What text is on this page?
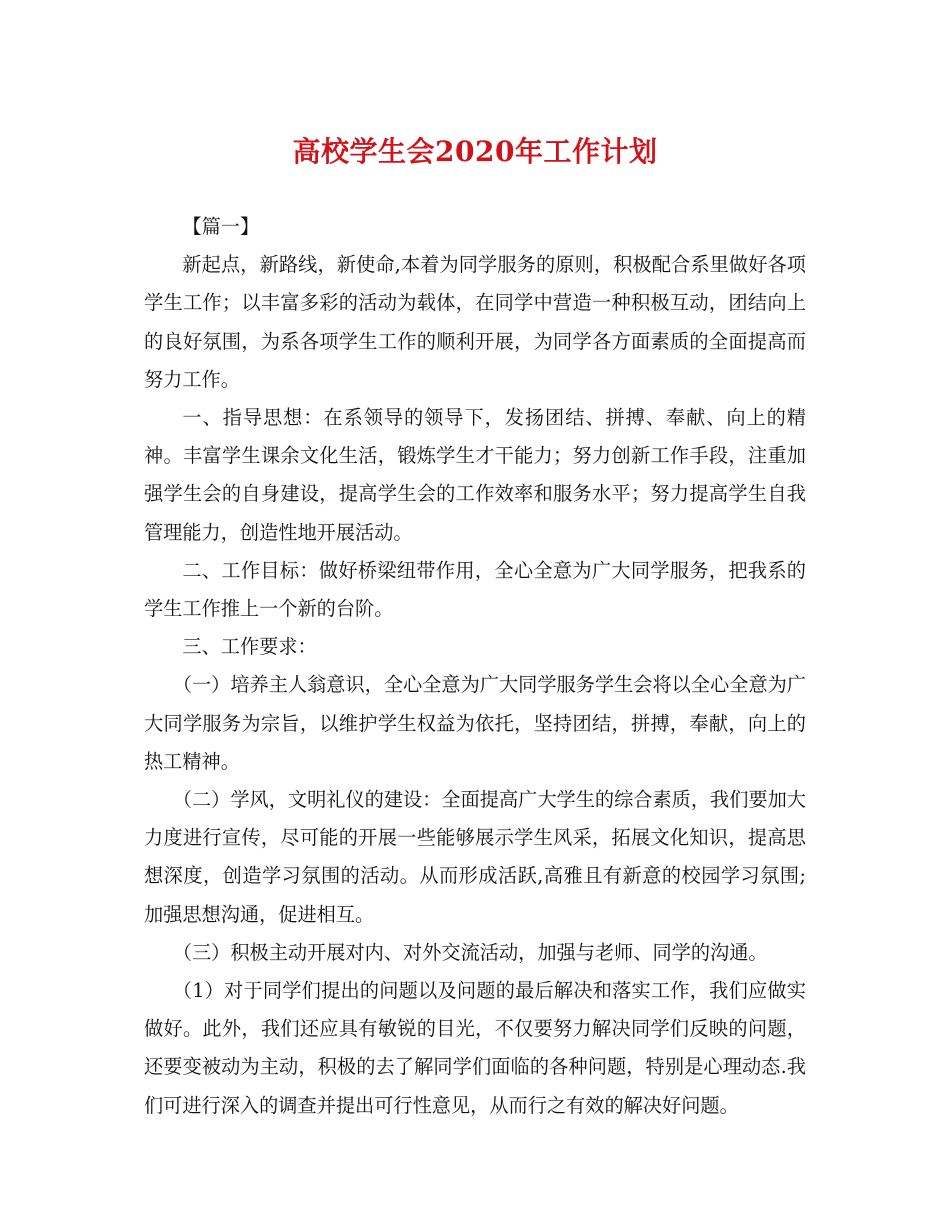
高校学生会2020年工作计划

【篇一】

新起点，新路线，新使命,本着为同学服务的原则，积极配合系里做好各项学生工作；以丰富多彩的活动为载体，在同学中营造一种积极互动，团结向上的良好氛围，为系各项学生工作的顺利开展，为同学各方面素质的全面提高而努力工作。

一、指导思想：在系领导的领导下，发扬团结、拼搏、奉献、向上的精神。丰富学生课余文化生活，锻炼学生才干能力；努力创新工作手段，注重加强学生会的自身建设，提高学生会的工作效率和服务水平；努力提高学生自我管理能力，创造性地开展活动。

二、工作目标：做好桥梁纽带作用，全心全意为广大同学服务，把我系的学生工作推上一个新的台阶。

三、工作要求：

（一）培养主人翁意识，全心全意为广大同学服务学生会将以全心全意为广大同学服务为宗旨，以维护学生权益为依托，坚持团结，拼搏，奉献，向上的热工精神。

（二）学风，文明礼仪的建设：全面提高广大学生的综合素质，我们要加大力度进行宣传，尽可能的开展一些能够展示学生风采，拓展文化知识，提高思想深度，创造学习氛围的活动。从而形成活跃,高雅且有新意的校园学习氛围;加强思想沟通，促进相互。

（三）积极主动开展对内、对外交流活动，加强与老师、同学的沟通。

（1）对于同学们提出的问题以及问题的最后解决和落实工作，我们应做实做好。此外，我们还应具有敏锐的目光，不仅要努力解决同学们反映的问题，还要变被动为主动，积极的去了解同学们面临的各种问题，特别是心理动态.我们可进行深入的调查并提出可行性意见，从而行之有效的解决好问题。
